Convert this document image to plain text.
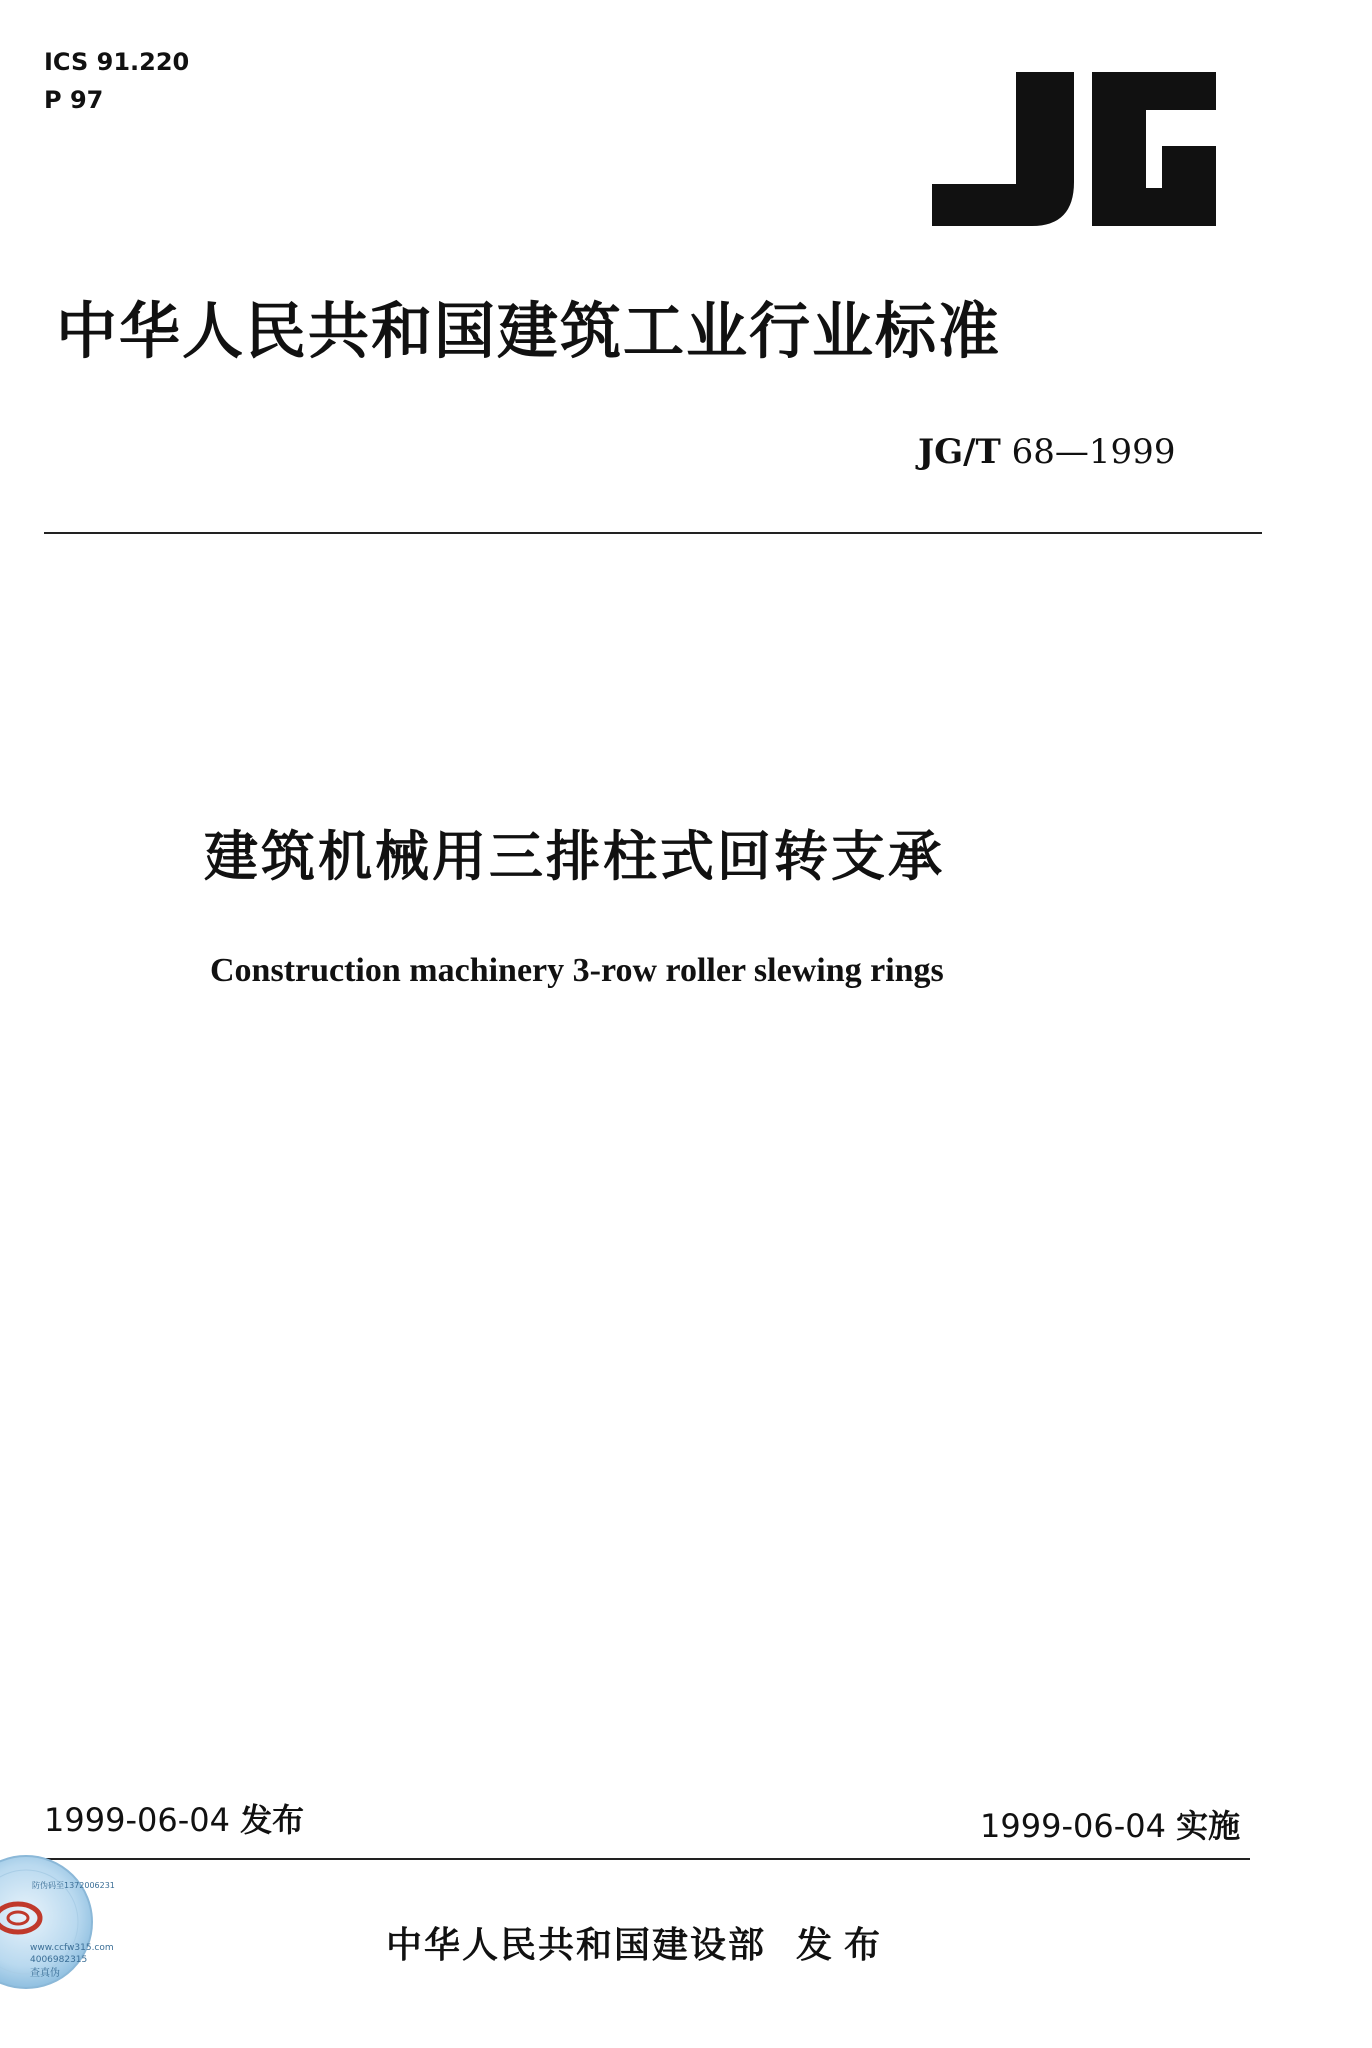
ICS 91.220
P 97
中华人民共和国建筑工业行业标准
JG/T 68—1999
建筑机械用三排柱式回转支承
Construction machinery 3-row roller slewing rings
1999-06-04 发布	1999-06-04 实施
中华人民共和国建设部 发布
防伪码至1372006231
www.ccfw315.com
4006982315
查真伪
